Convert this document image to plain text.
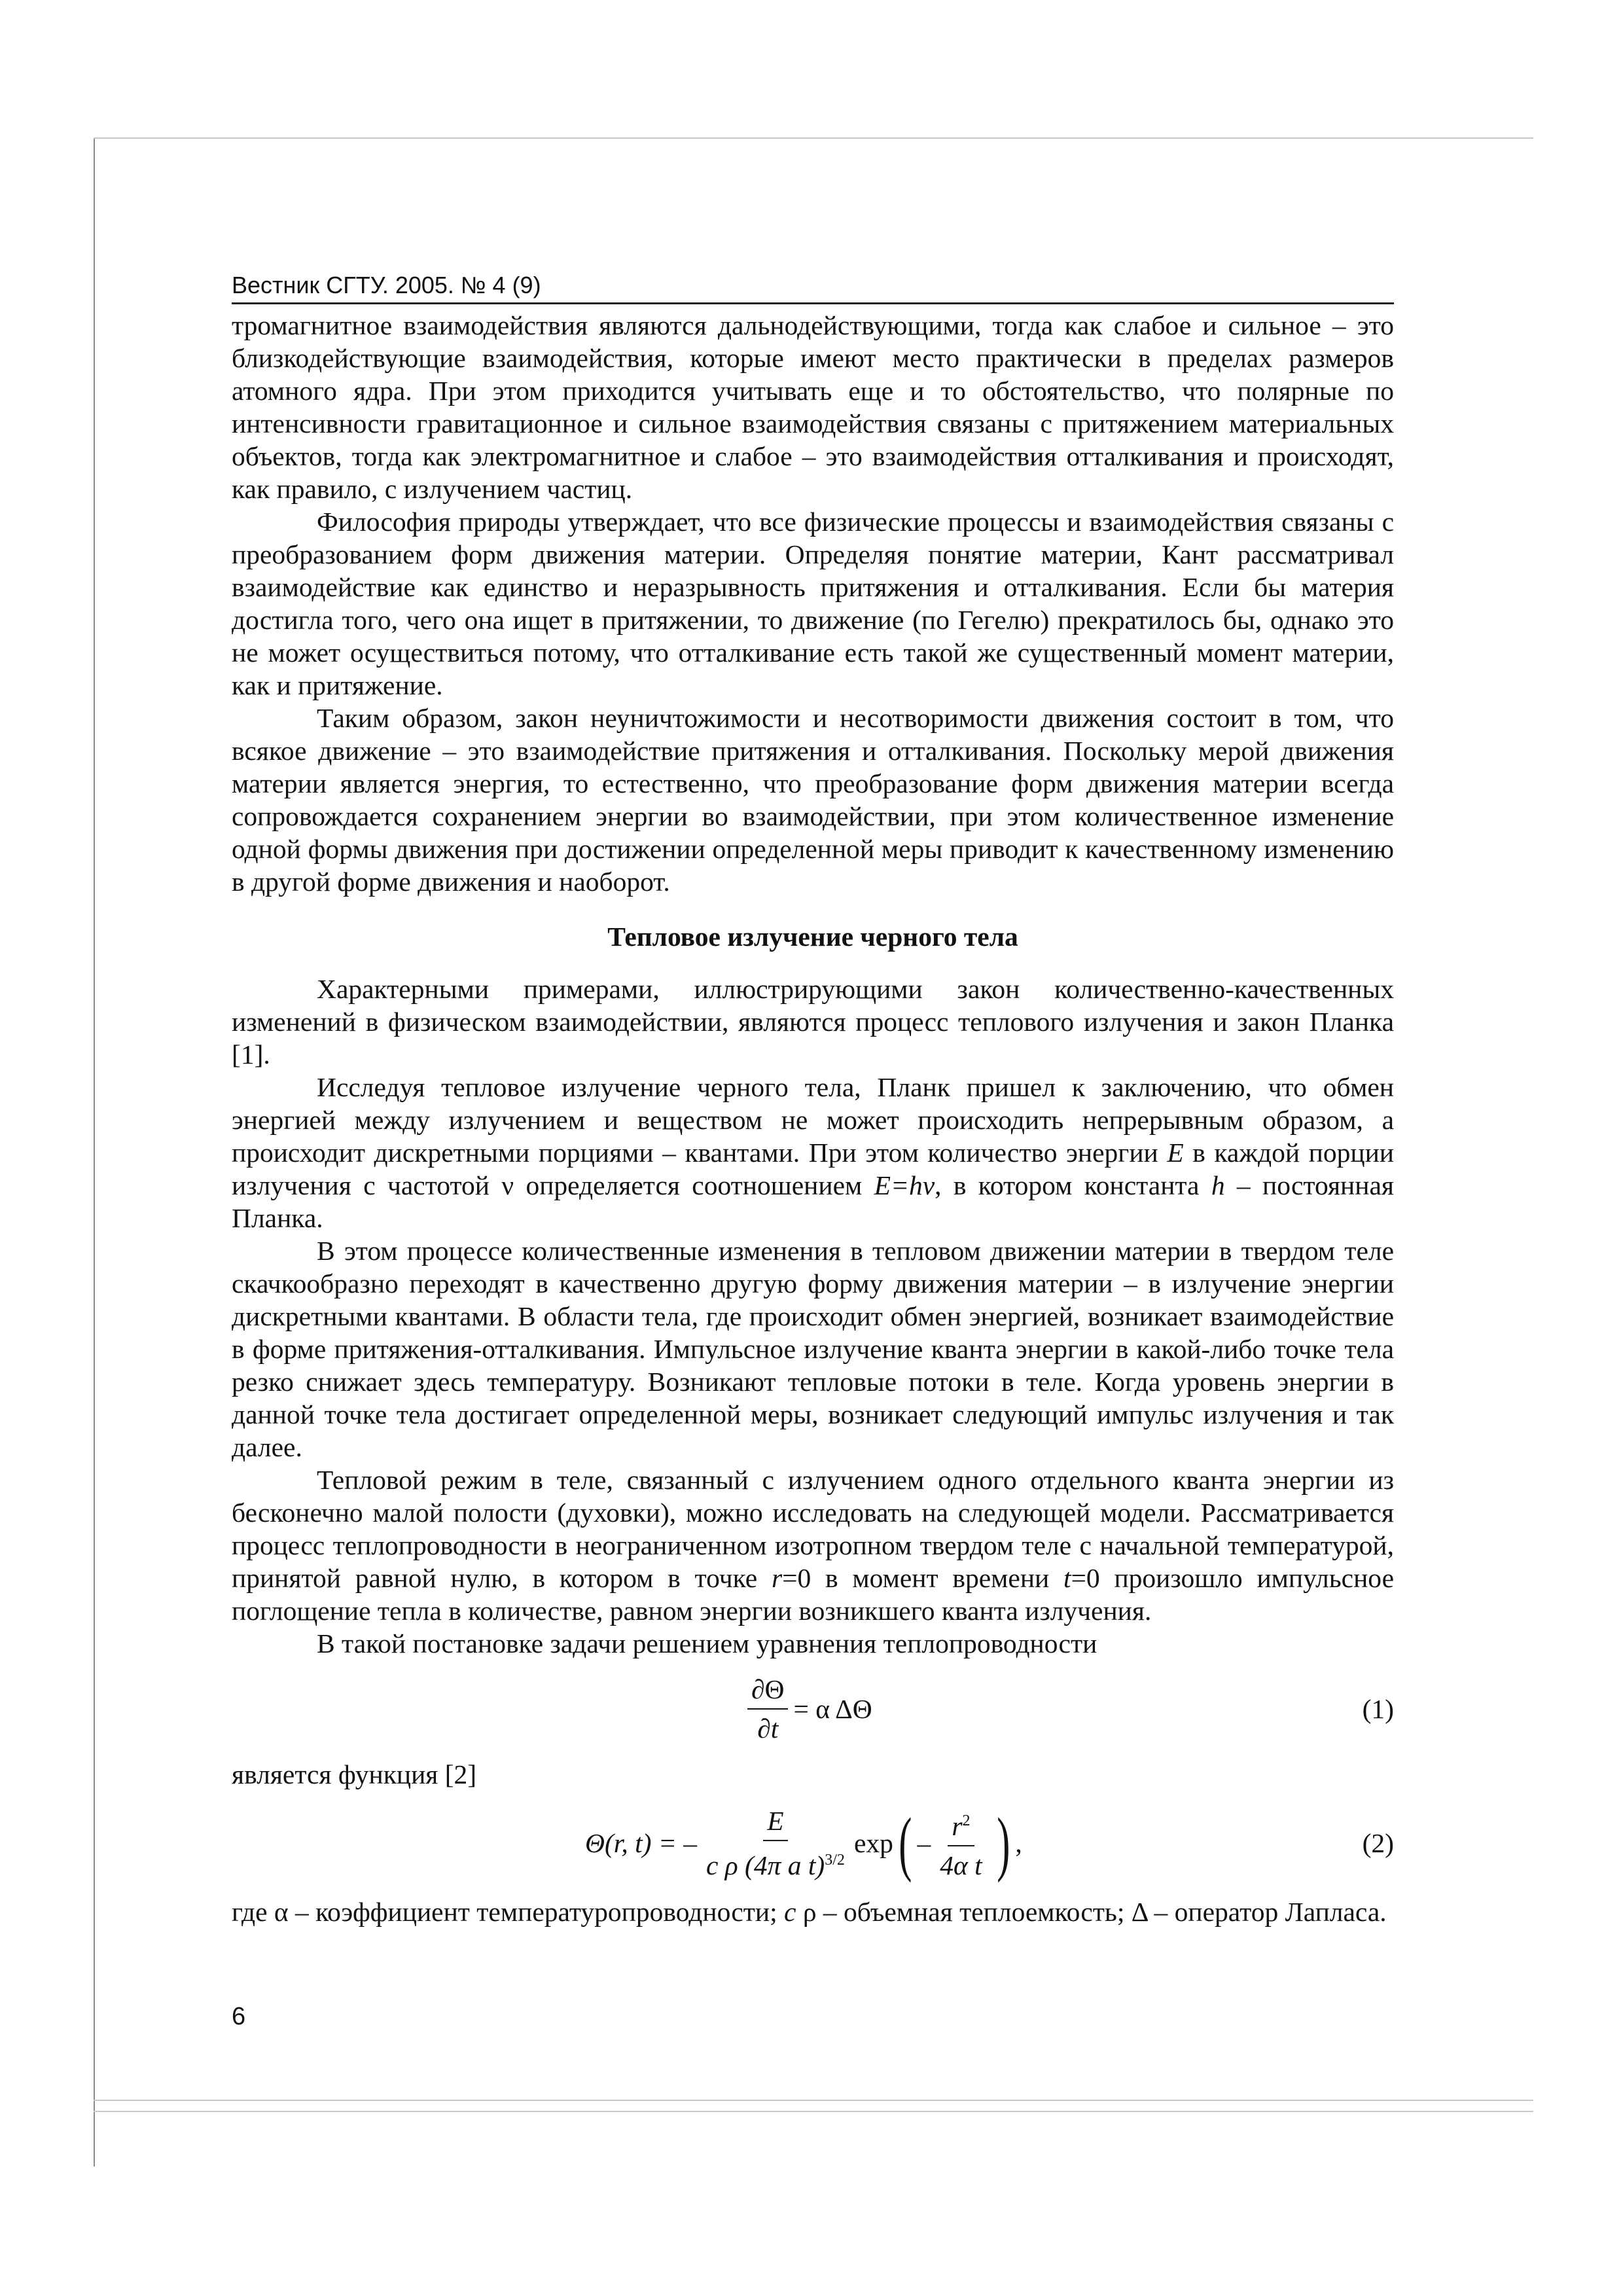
Вестник СГТУ. 2005. № 4 (9)

тромагнитное взаимодействия являются дальнодействующими, тогда как слабое и сильное – это близкодействующие взаимодействия, которые имеют место практически в пределах размеров атомного ядра. При этом приходится учитывать еще и то обстоятельство, что полярные по интенсивности гравитационное и сильное взаимодействия связаны с притяжением материальных объектов, тогда как электромагнитное и слабое – это взаимодействия отталкивания и происходят, как правило, с излучением частиц.

Философия природы утверждает, что все физические процессы и взаимодействия связаны с преобразованием форм движения материи. Определяя понятие материи, Кант рассматривал взаимодействие как единство и неразрывность притяжения и отталкивания. Если бы материя достигла того, чего она ищет в притяжении, то движение (по Гегелю) прекратилось бы, однако это не может осуществиться потому, что отталкивание есть такой же существенный момент материи, как и притяжение.

Таким образом, закон неуничтожимости и несотворимости движения состоит в том, что всякое движение – это взаимодействие притяжения и отталкивания. Поскольку мерой движения материи является энергия, то естественно, что преобразование форм движения материи всегда сопровождается сохранением энергии во взаимодействии, при этом количественное изменение одной формы движения при достижении определенной меры приводит к качественному изменению в другой форме движения и наоборот.

Тепловое излучение черного тела

Характерными примерами, иллюстрирующими закон количественно-качественных изменений в физическом взаимодействии, являются процесс теплового излучения и закон Планка [1].

Исследуя тепловое излучение черного тела, Планк пришел к заключению, что обмен энергией между излучением и веществом не может происходить непрерывным образом, а происходит дискретными порциями – квантами. При этом количество энергии E в каждой порции излучения с частотой ν определяется соотношением E=hν, в котором константа h – постоянная Планка.

В этом процессе количественные изменения в тепловом движении материи в твердом теле скачкообразно переходят в качественно другую форму движения материи – в излучение энергии дискретными квантами. В области тела, где происходит обмен энергией, возникает взаимодействие в форме притяжения-отталкивания. Импульсное излучение кванта энергии в какой-либо точке тела резко снижает здесь температуру. Возникают тепловые потоки в теле. Когда уровень энергии в данной точке тела достигает определенной меры, возникает следующий импульс излучения и так далее.

Тепловой режим в теле, связанный с излучением одного отдельного кванта энергии из бесконечно малой полости (духовки), можно исследовать на следующей модели. Рассматривается процесс теплопроводности в неограниченном изотропном твердом теле с начальной температурой, принятой равной нулю, в котором в точке r=0 в момент времени t=0 произошло импульсное поглощение тепла в количестве, равном энергии возникшего кванта излучения.

В такой постановке задачи решением уравнения теплопроводности

$\frac{\partial\Theta}{\partial t} = \alpha$ ΔΘ	(1)

является функция [2]

Θ(r, t) = – $\frac{E}{c \rho (4\pi a t)^{3/2}}$ exp ( – $\frac{r^2}{\text{4α t}}$ ) ,	(2)

где α – коэффициент температуропроводности; c ρ – объемная теплоемкость; Δ – оператор Лапласа.

6
